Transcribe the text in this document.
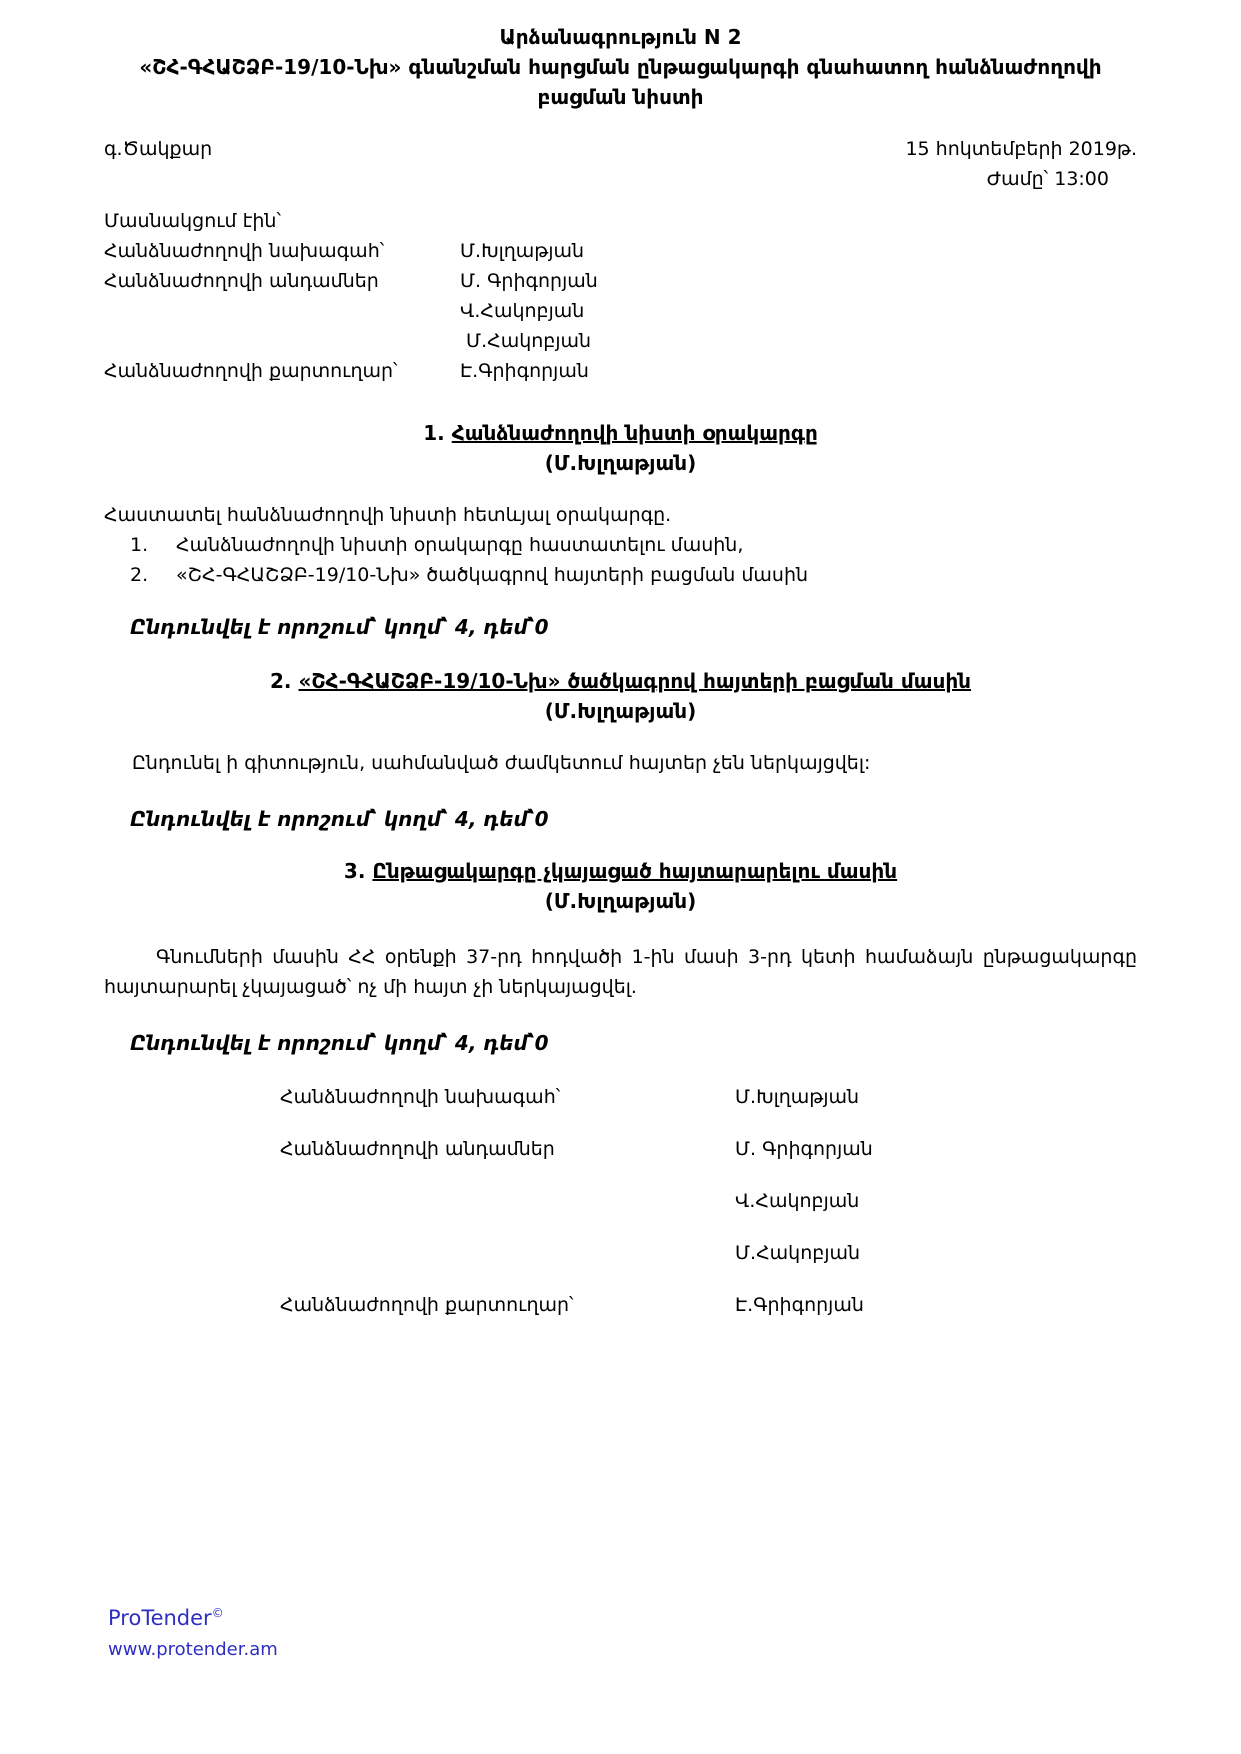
Արձանագրություն N 2
«ՇՀ-ԳՀԱՇՁԲ-19/10-Նխ» գնանշման հարցման ընթացակարգի գնահատող հանձնաժողովի բացման նիստի
գ.Ծակքար	15 հոկտեմբերի 2019թ.
Ժամը՝ 13:00
Մասնակցում էին՝
Հանձնաժողովի նախագահ՝	Մ.Խլղաթյան
Հանձնաժողովի անդամներ	Մ. Գրիգորյան
Վ.Հակոբյան
Մ.Հակոբյան
Հանձնաժողովի քարտուղար՝	Է.Գրիգորյան
1. Հանձնաժողովի նիստի օրակարգը
(Մ.Խլղաթյան)

Հաստատել հանձնաժողովի նիստի հետևյալ օրակարգը.

1.	Հանձնաժողովի նիստի օրակարգը հաստատելու մասին,
2.	«ՇՀ-ԳՀԱՇՁԲ-19/10-Նխ» ծածկագրով հայտերի բացման մասին

Ընդունվել է որոշում՝ կողմ՝ 4, դեմ՝0

2. «ՇՀ-ԳՀԱՇՁԲ-19/10-Նխ» ծածկագրով հայտերի բացման մասին
(Մ.Խլղաթյան)

Ընդունել ի գիտություն, սահմանված ժամկետում հայտեր չեն ներկայցվել:

Ընդունվել է որոշում՝ կողմ՝ 4, դեմ՝0

3. Ընթացակարգը չկայացած հայտարարելու մասին
(Մ.Խլղաթյան)

Գնումների մասին ՀՀ օրենքի 37-րդ հոդվածի 1-ին մասի 3-րդ կետի համաձայն ընթացակարգը հայտարարել չկայացած՝ ոչ մի հայտ չի ներկայացվել.

Ընդունվել է որոշում՝ կողմ՝ 4, դեմ՝0

Հանձնաժողովի նախագահ՝	Մ.Խլղաթյան
Հանձնաժողովի անդամներ	Մ. Գրիգորյան
Վ.Հակոբյան
Մ.Հակոբյան
Հանձնաժողովի քարտուղար՝	Է.Գրիգորյան
ProTender©
www.protender.am
